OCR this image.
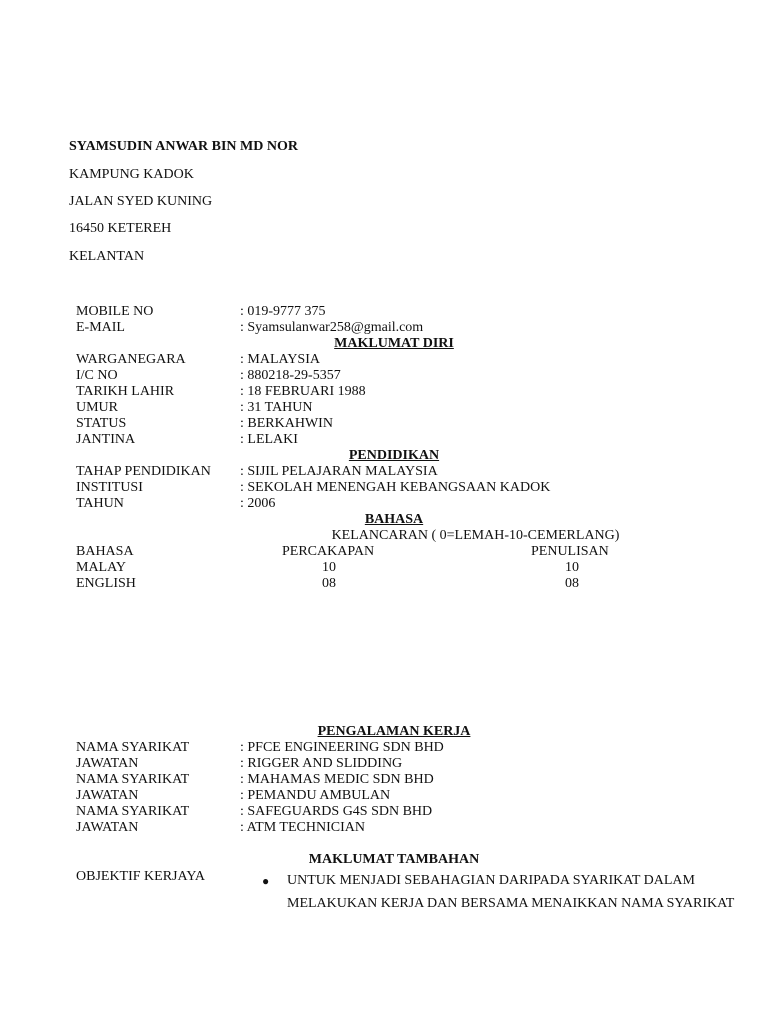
SYAMSUDIN ANWAR BIN MD NOR
KAMPUNG KADOK
JALAN SYED KUNING
16450 KETEREH
KELANTAN
MOBILE NO	: 019-9777 375
E-MAIL	: Syamsulanwar258@gmail.com
MAKLUMAT DIRI
WARGANEGARA	: MALAYSIA
I/C NO	: 880218-29-5357
TARIKH LAHIR	: 18 FEBRUARI 1988
UMUR	: 31 TAHUN
STATUS	: BERKAHWIN
JANTINA	: LELAKI
PENDIDIKAN
TAHAP PENDIDIKAN : SIJIL PELAJARAN MALAYSIA
INSTITUSI	: SEKOLAH MENENGAH KEBANGSAAN KADOK
TAHUN	: 2006
BAHASA
KELANCARAN ( 0=LEMAH-10-CEMERLANG)
BAHASA	PERCAKAPAN	PENULISAN
MALAY	10	10
ENGLISH	08	08
PENGALAMAN KERJA
NAMA SYARIKAT	: PFCE ENGINEERING SDN BHD
JAWATAN	: RIGGER AND SLIDDING
NAMA SYARIKAT	: MAHAMAS MEDIC SDN BHD
JAWATAN	: PEMANDU AMBULAN
NAMA SYARIKAT	: SAFEGUARDS G4S SDN BHD
JAWATAN	: ATM TECHNICIAN
MAKLUMAT TAMBAHAN
OBJEKTIF KERJAYA	● UNTUK MENJADI SEBAHAGIAN DARIPADA SYARIKAT DALAM MELAKUKAN KERJA DAN BERSAMA MENAIKKAN NAMA SYARIKAT
